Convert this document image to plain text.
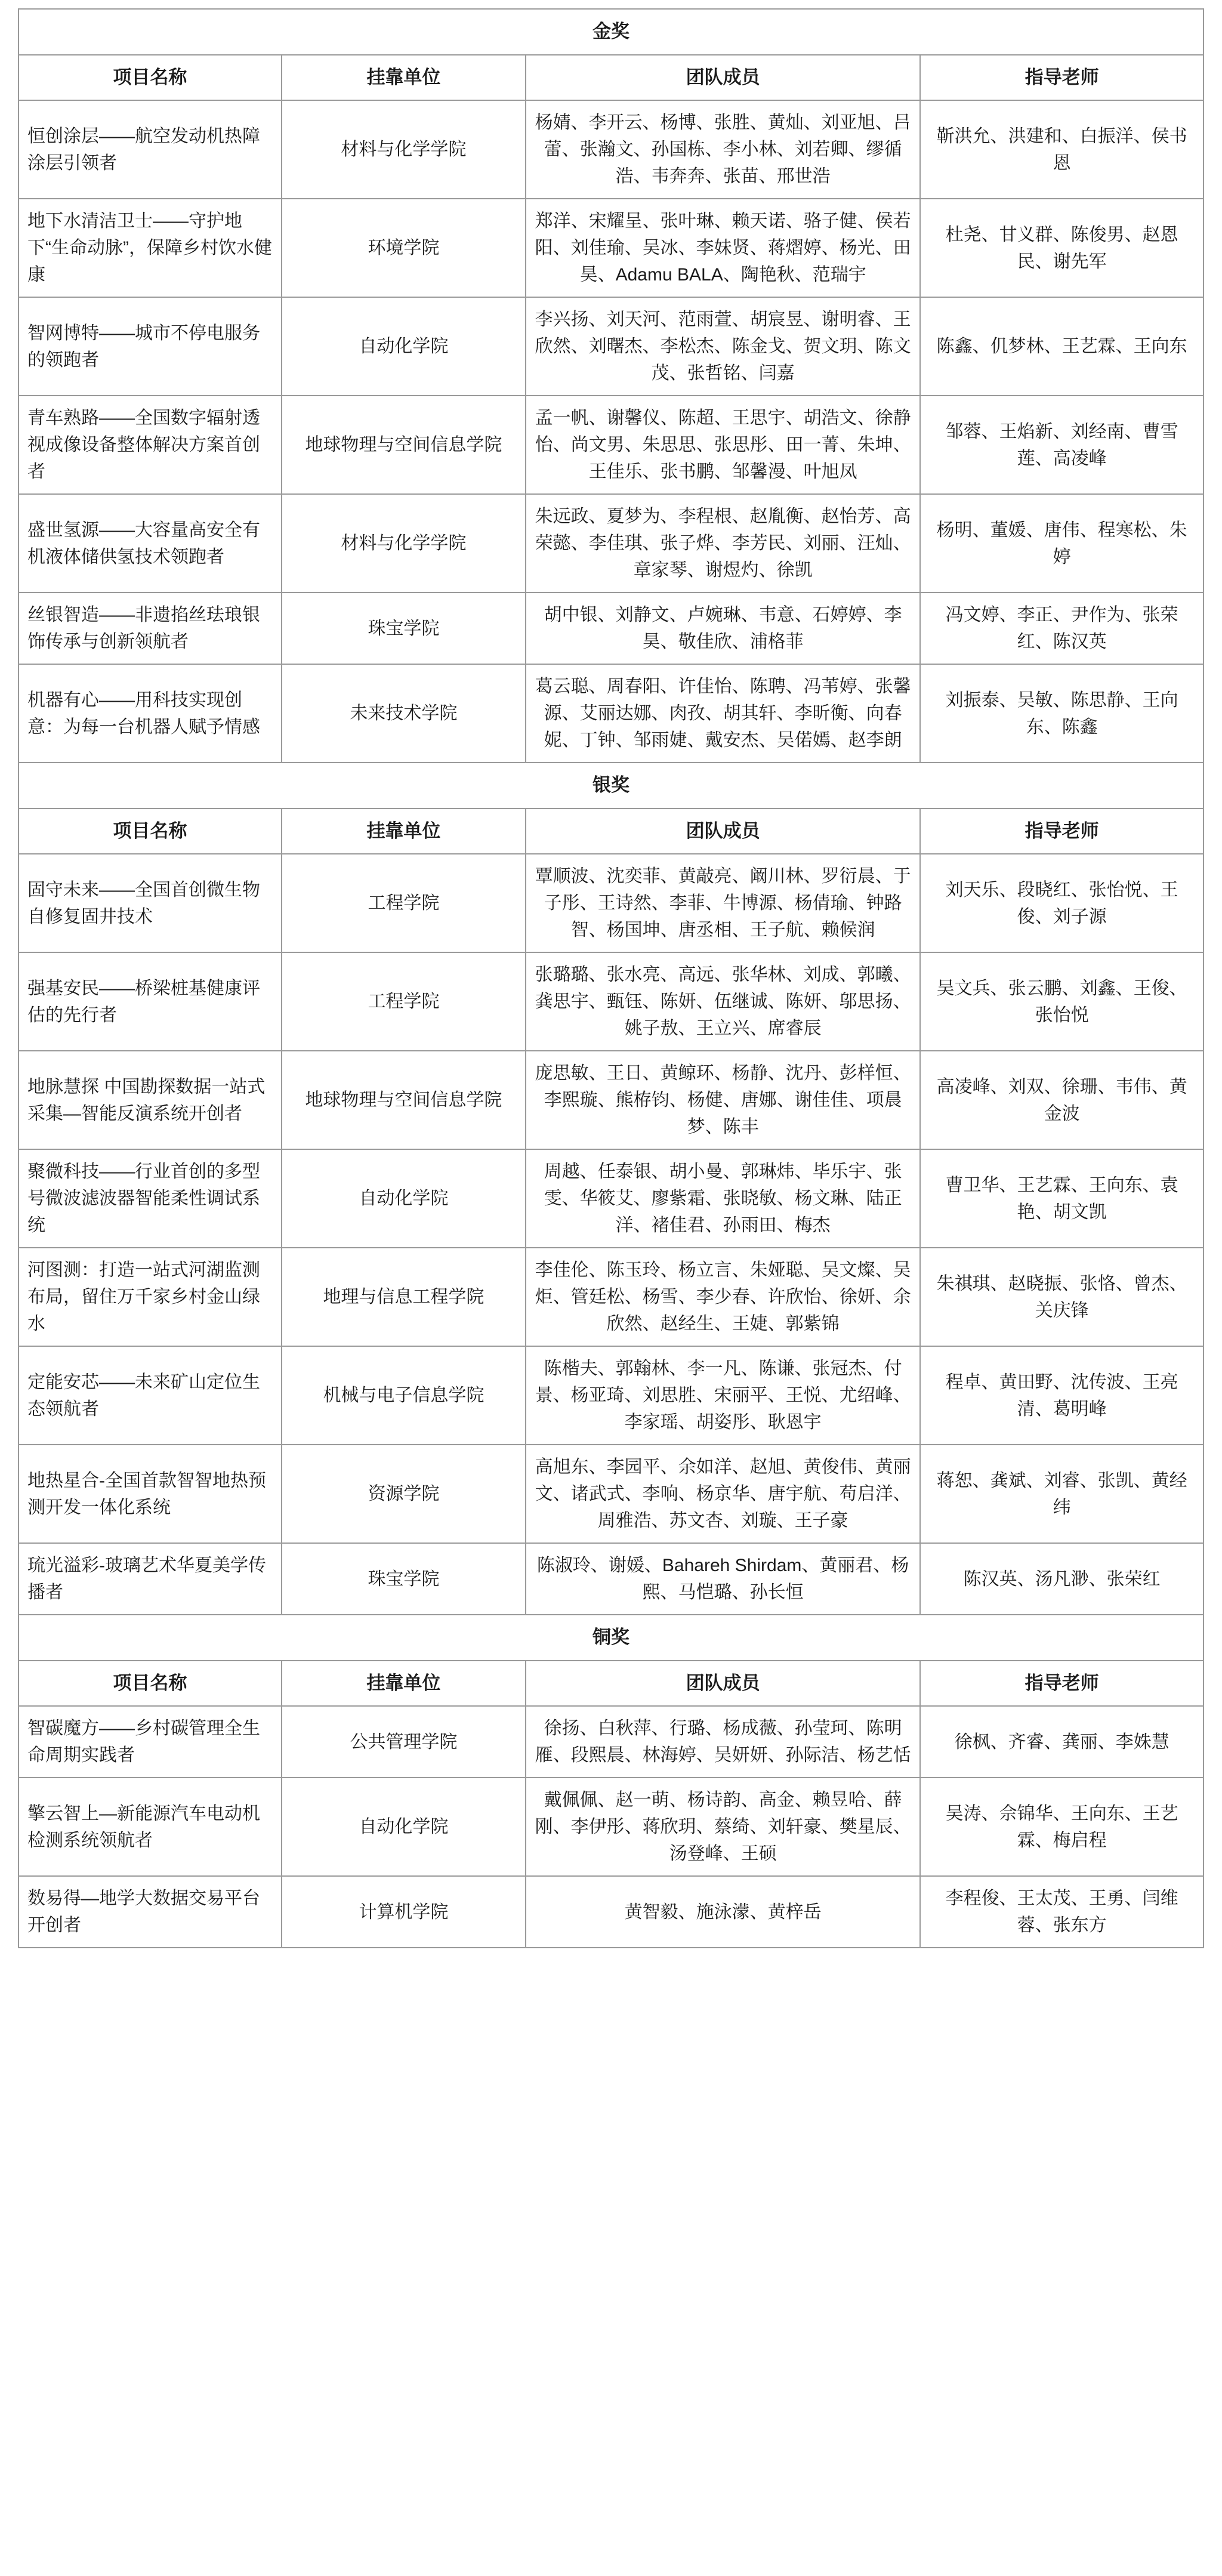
金奖			
项目名称	挂靠单位	团队成员	指导老师
恒创涂层——航空发动机热障涂层引领者	材料与化学学院	杨婧、李开云、杨博、张胜、黄灿、刘亚旭、吕蕾、张瀚文、孙国栋、李小林、刘若卿、缪循浩、韦奔奔、张苗、邢世浩	靳洪允、洪建和、白振洋、侯书恩
地下水清洁卫士——守护地下“生命动脉”，保障乡村饮水健康	环境学院	郑洋、宋耀呈、张叶琳、赖天诺、骆子健、侯若阳、刘佳瑜、吴冰、李妹贤、蒋熠婷、杨光、田昊、Adamu BALA、陶艳秋、范瑞宇	杜尧、甘义群、陈俊男、赵恩民、谢先军
智网博特——城市不停电服务的领跑者	自动化学院	李兴扬、刘天河、范雨萱、胡宸昱、谢明睿、王欣然、刘曙杰、李松杰、陈金戈、贺文玥、陈文茂、张哲铭、闫嘉	陈鑫、仉梦林、王艺霖、王向东
青车熟路——全国数字辐射透视成像设备整体解决方案首创者	地球物理与空间信息学院	孟一帆、谢馨仪、陈超、王思宇、胡浩文、徐静怡、尚文男、朱思思、张思彤、田一菁、朱坤、王佳乐、张书鹏、邹馨漫、叶旭凤	邹蓉、王焰新、刘经南、曹雪莲、高凌峰
盛世氢源——大容量高安全有机液体储供氢技术领跑者	材料与化学学院	朱远政、夏梦为、李程根、赵胤衡、赵怡芳、高荣懿、李佳琪、张子烨、李芳民、刘丽、汪灿、章家琴、谢煜灼、徐凯	杨明、董媛、唐伟、程寒松、朱婷
丝银智造——非遗掐丝珐琅银饰传承与创新领航者	珠宝学院	胡中银、刘静文、卢婉琳、韦意、石婷婷、李昊、敬佳欣、浦格菲	冯文婷、李正、尹作为、张荣红、陈汉英
机器有心——用科技实现创意：为每一台机器人赋予情感	未来技术学院	葛云聪、周春阳、许佳怡、陈聘、冯苇婷、张馨源、艾丽达娜、肉孜、胡其轩、李昕衡、向春妮、丁钟、邹雨婕、戴安杰、吴偌嫣、赵李朗	刘振泰、吴敏、陈思静、王向东、陈鑫
银奖			
项目名称	挂靠单位	团队成员	指导老师
固守未来——全国首创微生物自修复固井技术	工程学院	覃顺波、沈奕菲、黄敲亮、阚川林、罗衍晨、于子彤、王诗然、李菲、牛博源、杨倩瑜、钟路智、杨国坤、唐丞相、王子航、赖候润	刘天乐、段晓红、张怡悦、王俊、刘子源
强基安民——桥梁桩基健康评估的先行者	工程学院	张璐璐、张水亮、高远、张华林、刘成、郭曦、龚思宇、甄钰、陈妍、伍继诚、陈妍、邬思扬、姚子敖、王立兴、席睿辰	吴文兵、张云鹏、刘鑫、王俊、张怡悦
地脉慧探 中国勘探数据一站式采集—智能反演系统开创者	地球物理与空间信息学院	庞思敏、王日、黄鲸环、杨静、沈丹、彭样恒、李熙璇、熊栫钧、杨健、唐娜、谢佳佳、项晨梦、陈丰	高凌峰、刘双、徐珊、韦伟、黄金波
聚微科技——行业首创的多型号微波滤波器智能柔性调试系统	自动化学院	周越、任泰银、胡小曼、郭琳炜、毕乐宇、张雯、华筱艾、廖紫霜、张晓敏、杨文琳、陆正洋、褚佳君、孙雨田、梅杰	曹卫华、王艺霖、王向东、袁艳、胡文凯
河图测：打造一站式河湖监测布局，留住万千家乡村金山绿水	地理与信息工程学院	李佳伦、陈玉玲、杨立言、朱娅聪、吴文燦、吴炬、管廷松、杨雪、李少春、许欣怡、徐妍、余欣然、赵经生、王婕、郭紫锦	朱祺琪、赵晓振、张恪、曾杰、关庆锋
定能安芯——未来矿山定位生态领航者	机械与电子信息学院	陈楷夫、郭翰林、李一凡、陈谦、张冠杰、付景、杨亚琦、刘思胜、宋丽平、王悦、尤绍峰、李家瑶、胡姿彤、耿恩宇	程卓、黄田野、沈传波、王亮清、葛明峰
地热星合-全国首款智智地热预测开发一体化系统	资源学院	高旭东、李园平、余如洋、赵旭、黄俊伟、黄丽文、诸武式、李响、杨京华、唐宇航、苟启洋、周雅浩、苏文杏、刘璇、王子豪	蒋恕、龚斌、刘睿、张凯、黄经纬
琉光溢彩-玻璃艺术华夏美学传播者	珠宝学院	陈淑玲、谢媛、Bahareh Shirdam、黄丽君、杨熙、马恺璐、孙长恒	陈汉英、汤凡渺、张荣红
铜奖			
项目名称	挂靠单位	团队成员	指导老师
智碳魔方——乡村碳管理全生命周期实践者	公共管理学院	徐扬、白秋萍、行璐、杨成薇、孙莹珂、陈明雁、段熙晨、林海婷、吴妍妍、孙际洁、杨艺恬	徐枫、齐睿、龚丽、李姝慧
擎云智上—新能源汽车电动机检测系统领航者	自动化学院	戴佩佩、赵一萌、杨诗韵、高金、赖昱哈、薛刚、李伊彤、蒋欣玥、蔡绮、刘轩豪、樊星辰、汤登峰、王硕	吴涛、佘锦华、王向东、王艺霖、梅启程
数易得—地学大数据交易平台开创者	计算机学院	黄智毅、施泳濛、黄梓岳	李程俊、王太茂、王勇、闫维蓉、张东方
